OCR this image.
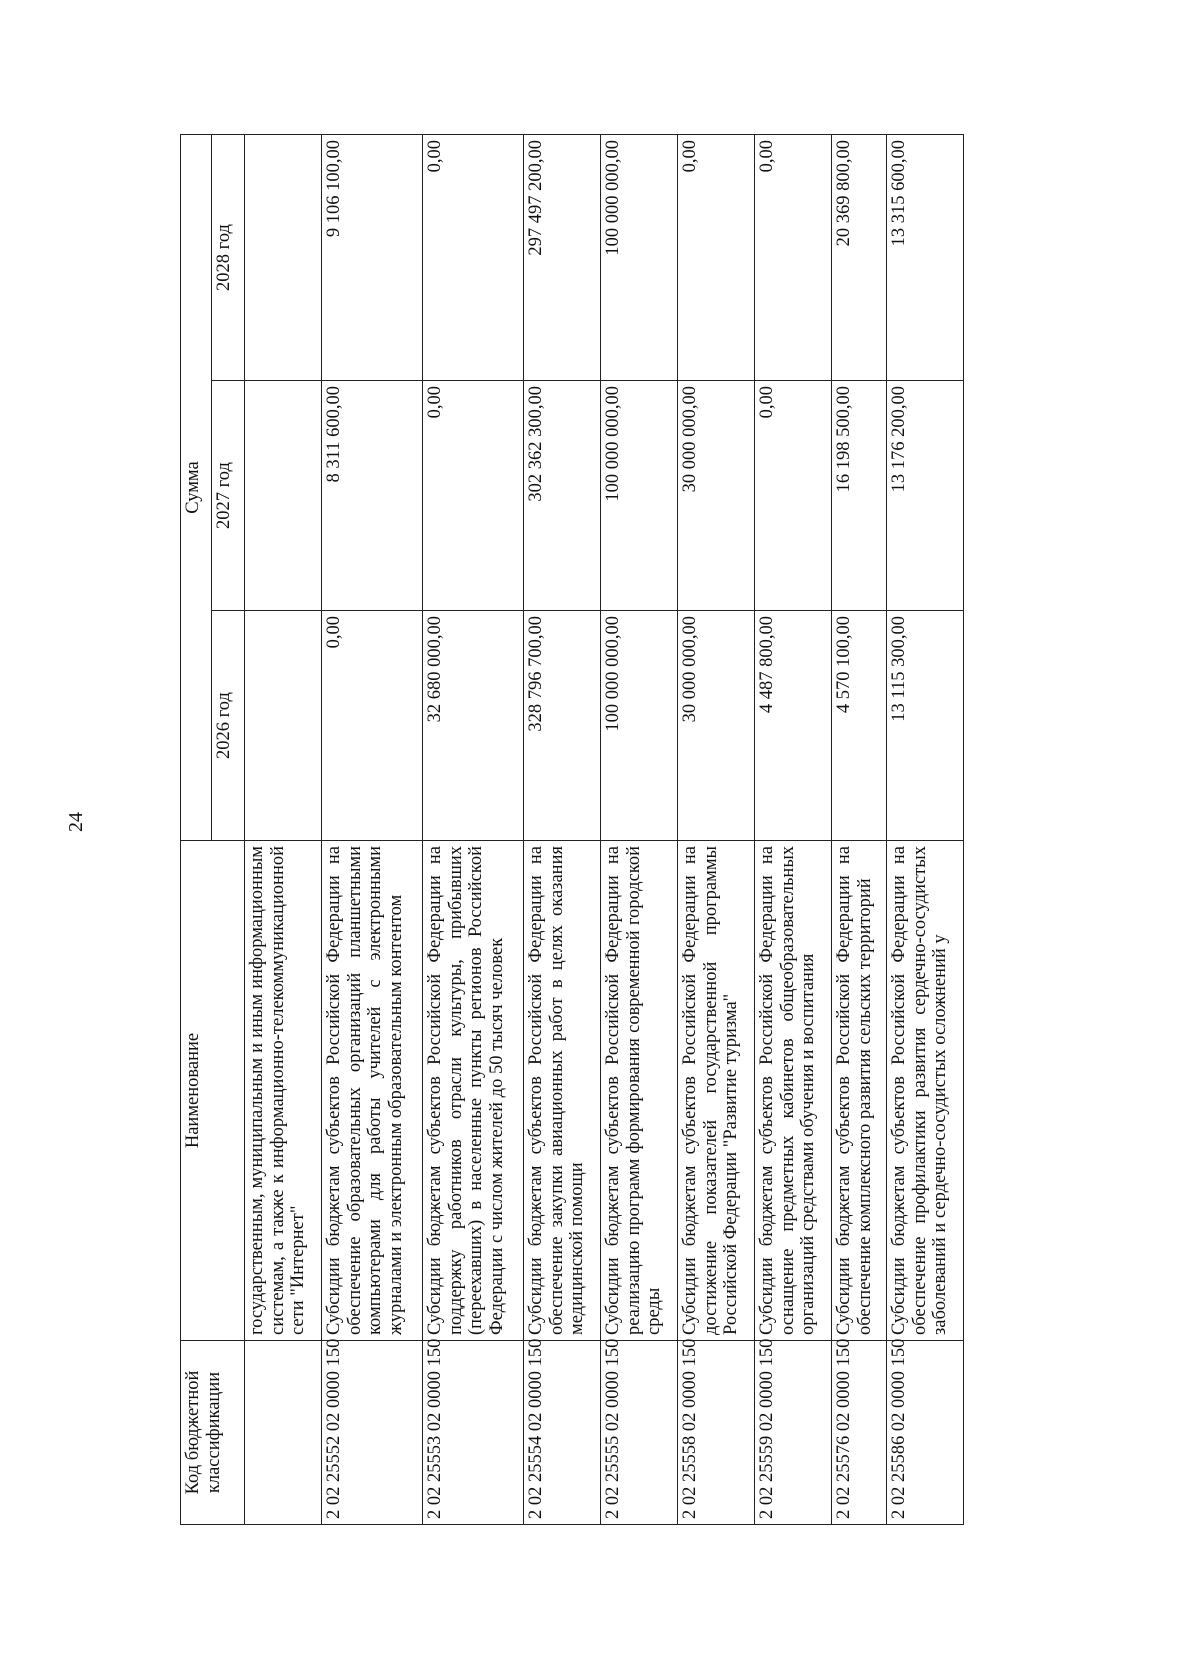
24
Код бюджетной классификации	Наименование	Сумма		
		2026 год	2027 год	2028 год
	государственным, муниципальным и иным информационным системам, а также к информационно-телекоммуникационной сети "Интернет"			
2 02 25552 02 0000 150	Субсидии бюджетам субъектов Российской Федерации на обеспечение образовательных организаций планшетными компьютерами для работы учителей с электронными журналами и электронным образовательным контентом	0,00	8 311 600,00	9 106 100,00
2 02 25553 02 0000 150	Субсидии бюджетам субъектов Российской Федерации на поддержку работников отрасли культуры, прибывших (переехавших) в населенные пункты регионов Российской Федерации с числом жителей до 50 тысяч человек	32 680 000,00	0,00	0,00
2 02 25554 02 0000 150	Субсидии бюджетам субъектов Российской Федерации на обеспечение закупки авиационных работ в целях оказания медицинской помощи	328 796 700,00	302 362 300,00	297 497 200,00
2 02 25555 02 0000 150	Субсидии бюджетам субъектов Российской Федерации на реализацию программ формирования современной городской среды	100 000 000,00	100 000 000,00	100 000 000,00
2 02 25558 02 0000 150	Субсидии бюджетам субъектов Российской Федерации на достижение показателей государственной программы Российской Федерации "Развитие туризма"	30 000 000,00	30 000 000,00	0,00
2 02 25559 02 0000 150	Субсидии бюджетам субъектов Российской Федерации на оснащение предметных кабинетов общеобразовательных организаций средствами обучения и воспитания	4 487 800,00	0,00	0,00
2 02 25576 02 0000 150	Субсидии бюджетам субъектов Российской Федерации на обеспечение комплексного развития сельских территорий	4 570 100,00	16 198 500,00	20 369 800,00
2 02 25586 02 0000 150	Субсидии бюджетам субъектов Российской Федерации на обеспечение профилактики развития сердечно-сосудистых заболеваний и сердечно-сосудистых осложнений у	13 115 300,00	13 176 200,00	13 315 600,00
